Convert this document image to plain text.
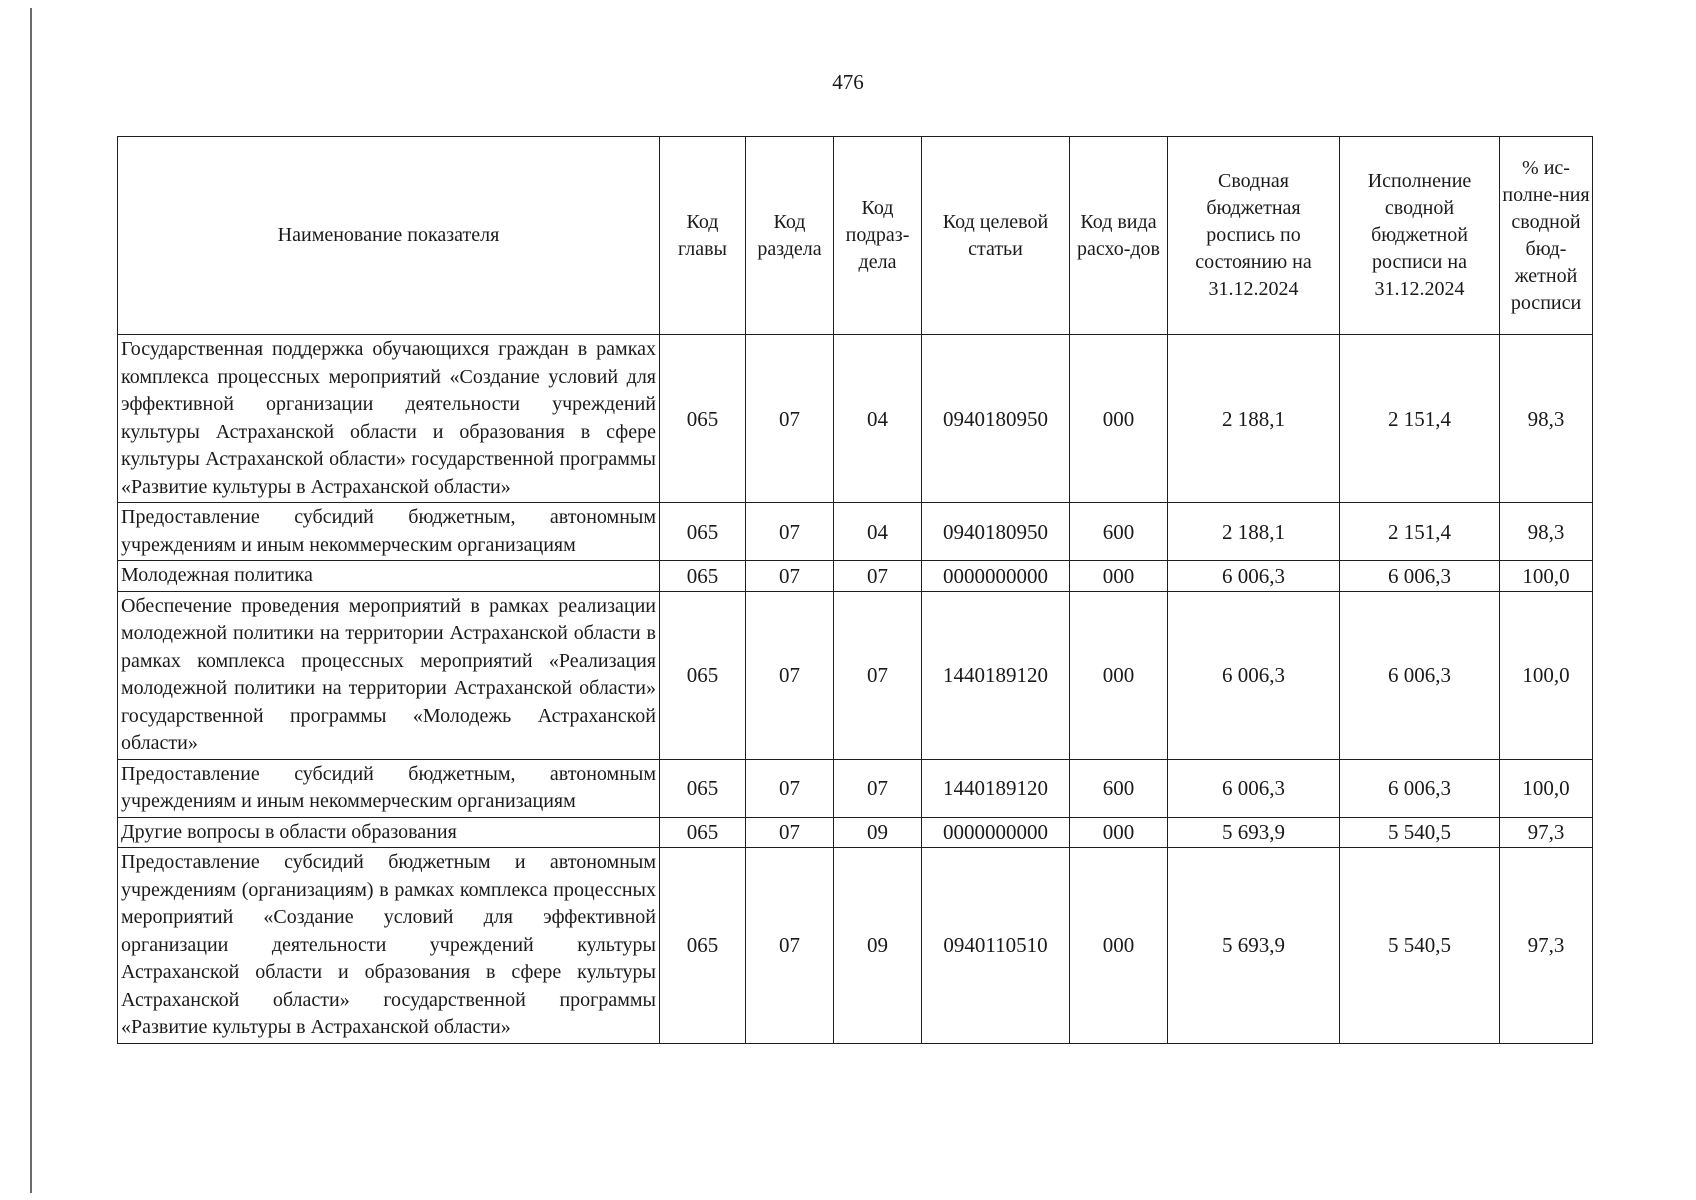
476
Наименование показателя	Код главы	Код раздела	Код подраз-дела	Код целевой статьи	Код вида расхо-дов	Сводная бюджетная роспись по состоянию на 31.12.2024	Исполнение сводной бюджетной росписи на 31.12.2024	% ис-полне-ния сводной бюд-жетной росписи
Государственная поддержка обучающихся граждан в рамках комплекса процессных мероприятий «Создание условий для эффективной организации деятельности учреждений культуры Астраханской области и образования в сфере культуры Астраханской области» государственной программы «Развитие культуры в Астраханской области»	065	07	04	0940180950	000	2 188,1	2 151,4	98,3
Предоставление субсидий бюджетным, автономным учреждениям и иным некоммерческим организациям	065	07	04	0940180950	600	2 188,1	2 151,4	98,3
Молодежная политика	065	07	07	0000000000	000	6 006,3	6 006,3	100,0
Обеспечение проведения мероприятий в рамках реализации молодежной политики на территории Астраханской области в рамках комплекса процессных мероприятий «Реализация молодежной политики на территории Астраханской области» государственной программы «Молодежь Астраханской области»	065	07	07	1440189120	000	6 006,3	6 006,3	100,0
Предоставление субсидий бюджетным, автономным учреждениям и иным некоммерческим организациям	065	07	07	1440189120	600	6 006,3	6 006,3	100,0
Другие вопросы в области образования	065	07	09	0000000000	000	5 693,9	5 540,5	97,3
Предоставление субсидий бюджетным и автономным учреждениям (организациям) в рамках комплекса процессных мероприятий «Создание условий для эффективной организации деятельности учреждений культуры Астраханской области и образования в сфере культуры Астраханской области» государственной программы «Развитие культуры в Астраханской области»	065	07	09	0940110510	000	5 693,9	5 540,5	97,3
